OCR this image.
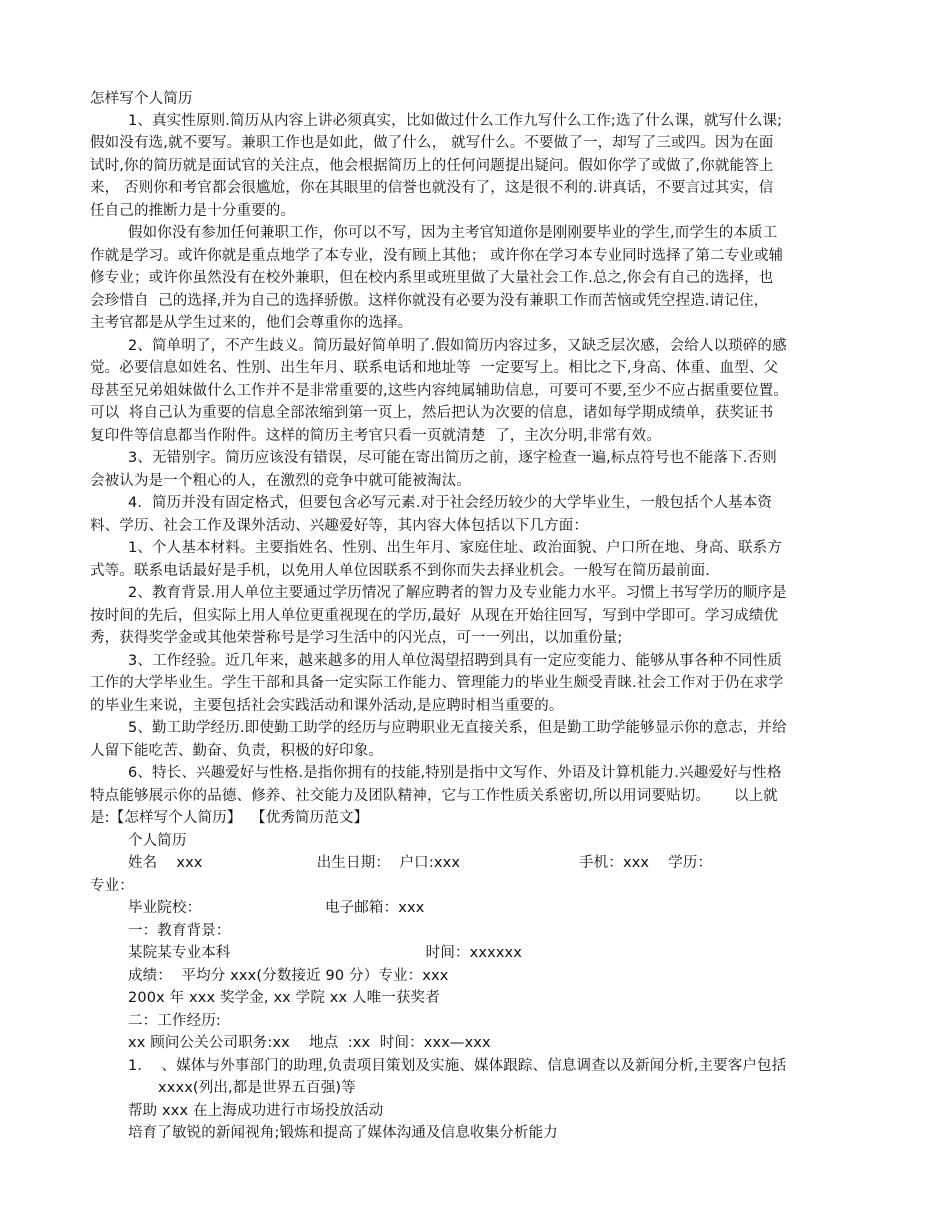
怎样写个人简历
1、真实性原则.简历从内容上讲必须真实，比如做过什么工作九写什么工作;选了什么课，就写什么课;
假如没有选,就不要写。兼职工作也是如此，做了什么， 就写什么。不要做了一，却写了三或四。因为在面
试时,你的简历就是面试官的关注点，他会根据简历上的任何问题提出疑问。假如你学了或做了,你就能答上
来， 否则你和考官都会很尴尬，你在其眼里的信誉也就没有了，这是很不利的.讲真话，不要言过其实，信
任自己的推断力是十分重要的。
假如你没有参加任何兼职工作，你可以不写，因为主考官知道你是刚刚要毕业的学生,而学生的本质工
作就是学习。或许你就是重点地学了本专业，没有顾上其他； 或许你在学习本专业同时选择了第二专业或辅
修专业；或许你虽然没有在校外兼职，但在校内系里或班里做了大量社会工作.总之,你会有自己的选择，也
会珍惜自  己的选择,并为自己的选择骄傲。这样你就没有必要为没有兼职工作而苦恼或凭空捏造.请记住，
主考官都是从学生过来的，他们会尊重你的选择。
2、简单明了，不产生歧义。简历最好简单明了.假如简历内容过多，又缺乏层次感，会给人以琐碎的感
觉。必要信息如姓名、性别、出生年月、联系电话和地址等  一定要写上。相比之下,身高、体重、血型、父
母甚至兄弟姐妹做什么工作并不是非常重要的,这些内容纯属辅助信息，可要可不要,至少不应占据重要位置。
可以  将自己认为重要的信息全部浓缩到第一页上，然后把认为次要的信息，诸如每学期成绩单，获奖证书
复印件等信息都当作附件。这样的简历主考官只看一页就清楚  了，主次分明,非常有效。
3、无错别字。简历应该没有错误，尽可能在寄出简历之前，逐字检查一遍,标点符号也不能落下.否则
会被认为是一个粗心的人，在激烈的竞争中就可能被淘汰。
4．简历并没有固定格式，但要包含必写元素.对于社会经历较少的大学毕业生，一般包括个人基本资
料、学历、社会工作及课外活动、兴趣爱好等，其内容大体包括以下几方面：
1、个人基本材料。主要指姓名、性别、出生年月、家庭住址、政治面貌、户口所在地、身高、联系方
式等。联系电话最好是手机，以免用人单位因联系不到你而失去择业机会。一般写在简历最前面.
2、教育背景.用人单位主要通过学历情况了解应聘者的智力及专业能力水平。习惯上书写学历的顺序是
按时间的先后，但实际上用人单位更重视现在的学历,最好  从现在开始往回写，写到中学即可。学习成绩优
秀，获得奖学金或其他荣誉称号是学习生活中的闪光点，可一一列出，以加重份量;
3、工作经验。近几年来，越来越多的用人单位渴望招聘到具有一定应变能力、能够从事各种不同性质
工作的大学毕业生。学生干部和具备一定实际工作能力、管理能力的毕业生颇受青睐.社会工作对于仍在求学
的毕业生来说，主要包括社会实践活动和课外活动,是应聘时相当重要的。
5、勤工助学经历.即使勤工助学的经历与应聘职业无直接关系，但是勤工助学能够显示你的意志，并给
人留下能吃苦、勤奋、负责，积极的好印象。
6、特长、兴趣爱好与性格.是指你拥有的技能,特别是指中文写作、外语及计算机能力.兴趣爱好与性格
特点能够展示你的品德、修养、社交能力及团队精神，它与工作性质关系密切,所以用词要贴切。     以上就
是:【怎样写个人简历】  【优秀简历范文】
个人简历
姓名    xxx                        出生日期：  户口:xxx                         手机：xxx    学历：
专业：
毕业院校：                          电子邮箱：xxx
一：教育背景：
某院某专业本科                                         时间：xxxxxx
成绩：  平均分 xxx(分数接近 90 分）专业：xxx
200x 年 xxx 奖学金, xx 学院 xx 人唯一获奖者
二：工作经历:
xx 顾问公关公司职务:xx    地点  :xx  时间：xxx—xxx
1．  、媒体与外事部门的助理,负责项目策划及实施、媒体跟踪、信息调查以及新闻分析,主要客户包括
xxxx(列出,都是世界五百强)等
帮助 xxx 在上海成功进行市场投放活动
培育了敏锐的新闻视角;锻炼和提高了媒体沟通及信息收集分析能力
